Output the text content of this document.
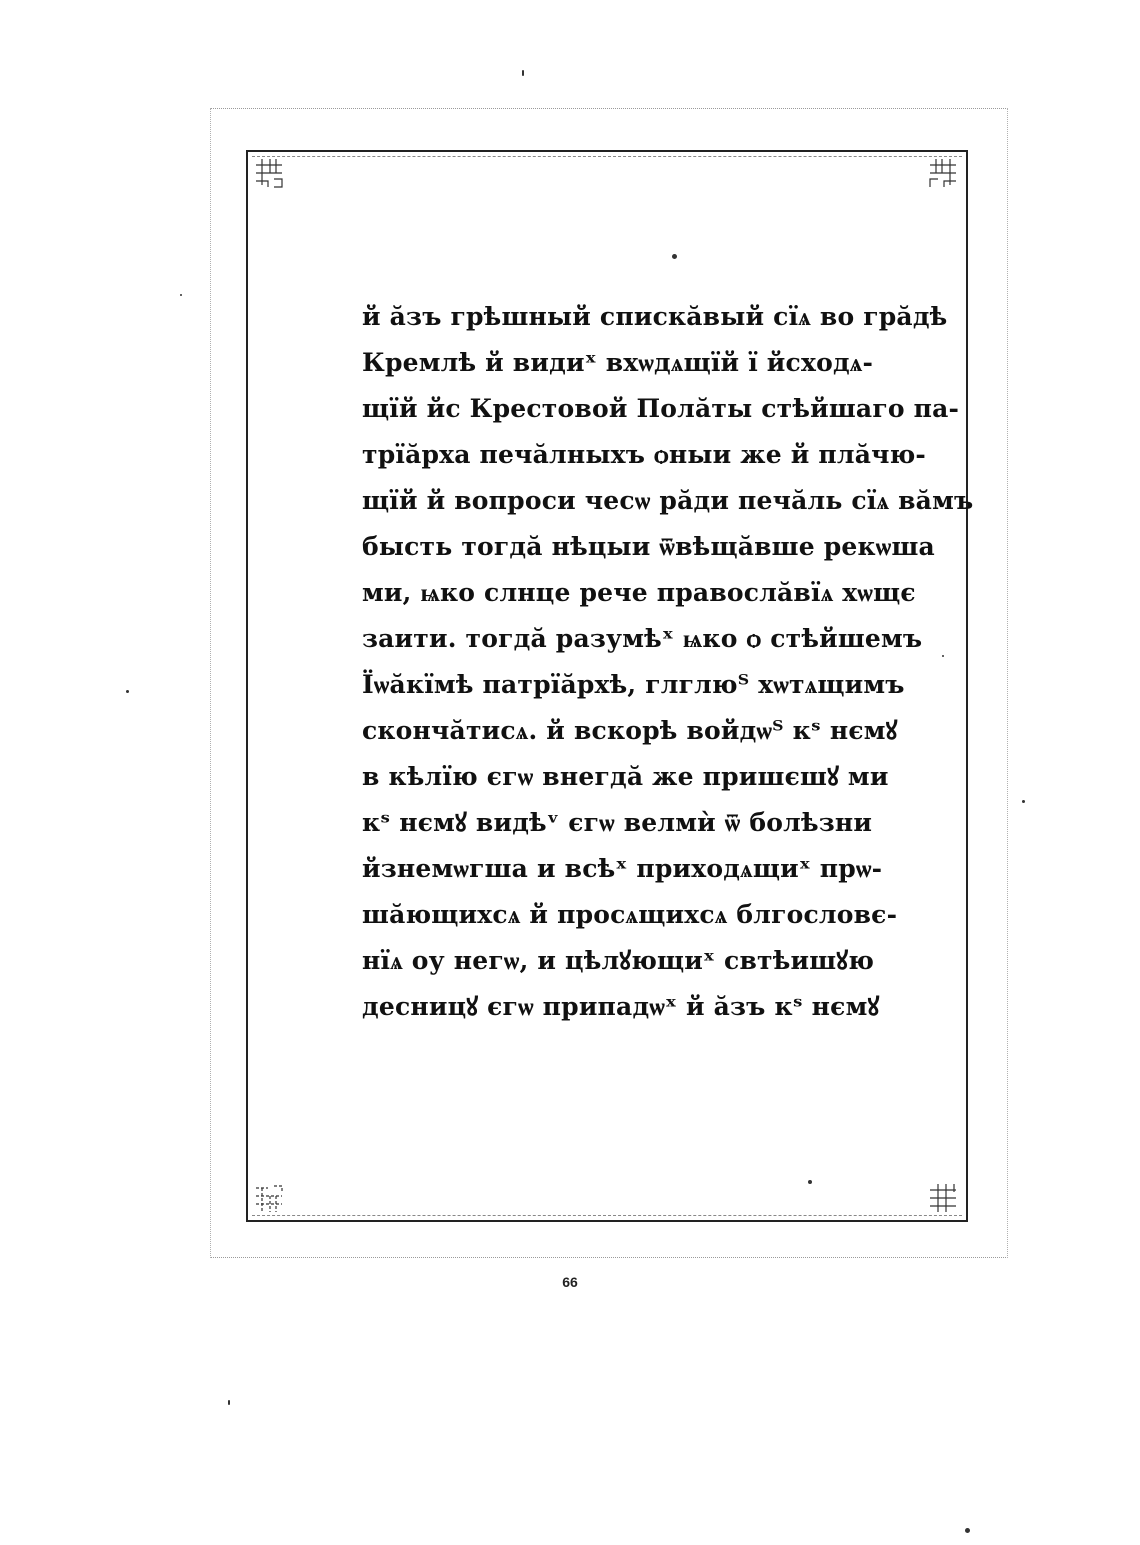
й ӑзъ грѣшный спискӑвый сїѧ во грӑдѣ
Кремлѣ й видиˣ вхѡдѧщїй ї йсходѧ-
щїй йс Крестовой Полӑты стѣйшаго па-
трїӑрха печӑлныхъ ѻныи же й плӑчю-
щїй й вопроси чесѡ рӑди печӑль сїѧ вӑмъ
бысть тогдӑ нѣцыи ѿвѣщӑвше рекѡша
ми, ѩко слнце рече правослӑвїѧ хѡщє
заити. тогдӑ разумѣˣ ѩко ѻ стѣйшемъ
Їѡӑкїмѣ патрїӑрхѣ, глглюᵀ хѡтѧщимъ
скончӑтисѧ. й вскорѣ войдѡᵀ кˢ нємꙋ
в кѣлїю єгѡ внегдӑ же пришєшꙋ ми
кˢ нємꙋ видѣᵛ єгѡ велмѝ ѿ болѣзни
йзнемѡгша и всѣˣ приходѧщиˣ прѡ-
шӑющихсѧ й просѧщихсѧ блгословє-
нїѧ оу негѡ, и цѣлꙋющиˣ свтѣишꙋю
десницꙋ єгѡ припадѡˣ й ӑзъ кˢ нємꙋ
66
